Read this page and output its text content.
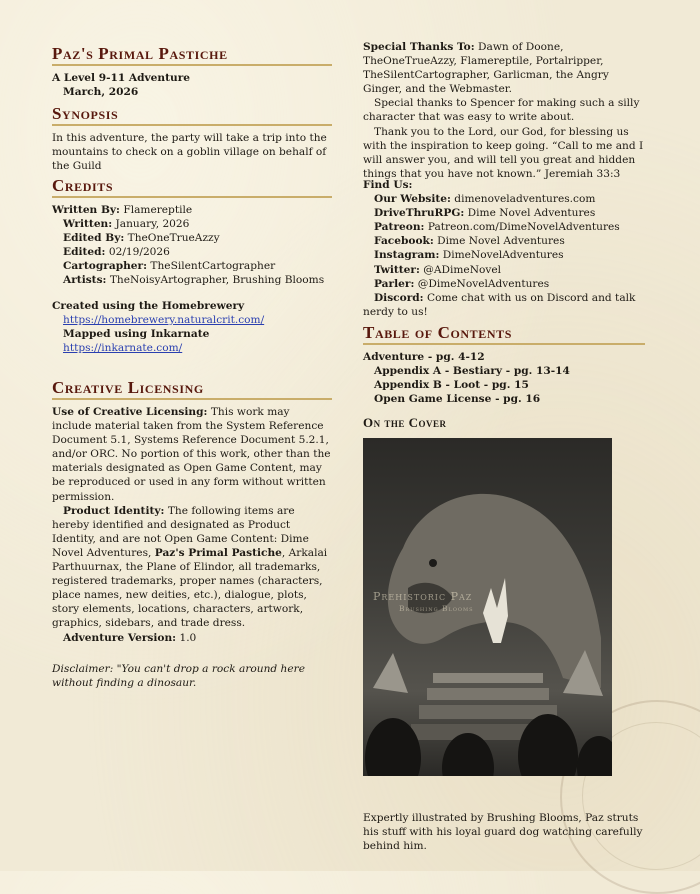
Paz's Primal Pastiche

A Level 9-11 Adventure

March, 2026

Synopsis

In this adventure, the party will take a trip into the mountains to check on a goblin village on behalf of the Guild

Credits

Written By: Flamereptile

Written: January, 2026

Edited By: TheOneTrueAzzy

Edited: 02/19/2026

Cartographer: TheSilentCartographer

Artists: TheNoisyArtographer, Brushing Blooms

Created using the Homebrewery

https://homebrewery.naturalcrit.com/

Mapped using Inkarnate

https://inkarnate.com/

Creative Licensing

Use of Creative Licensing: This work may include material taken from the System Reference Document 5.1, Systems Reference Document 5.2.1, and/or ORC. No portion of this work, other than the materials designated as Open Game Content, may be reproduced or used in any form without written permission.

Product Identity: The following items are hereby identified and designated as Product Identity, and are not Open Game Content: Dime Novel Adventures, Paz's Primal Pastiche, Arkalai Parthuurnax, the Plane of Elindor, all trademarks, registered trademarks, proper names (characters, place names, new deities, etc.), dialogue, plots, story elements, locations, characters, artwork, graphics, sidebars, and trade dress.

Adventure Version: 1.0

Disclaimer: "You can't drop a rock around here without finding a dinosaur.

Special Thanks To: Dawn of Doone, TheOneTrueAzzy, Flamereptile, Portalripper, TheSilentCartographer, Garlicman, the Angry Ginger, and the Webmaster.

Special thanks to Spencer for making such a silly character that was easy to write about.

Thank you to the Lord, our God, for blessing us with the inspiration to keep going. “Call to me and I will answer you, and will tell you great and hidden things that you have not known.” Jeremiah 33:3

Find Us:

Our Website: dimenoveladventures.com

DriveThruRPG: Dime Novel Adventures

Patreon: Patreon.com/DimeNovelAdventures

Facebook: Dime Novel Adventures

Instagram: DimeNovelAdventures

Twitter: @ADimeNovel

Parler: @DimeNovelAdventures

Discord: Come chat with us on Discord and talk nerdy to us!

Table of Contents

Adventure - pg. 4-12

Appendix A - Bestiary - pg. 13-14

Appendix B - Loot - pg. 15

Open Game License - pg. 16

On the Cover
Prehistoric Paz
Brushing Blooms

Expertly illustrated by Brushing Blooms, Paz struts his stuff with his loyal guard dog watching carefully behind him.
